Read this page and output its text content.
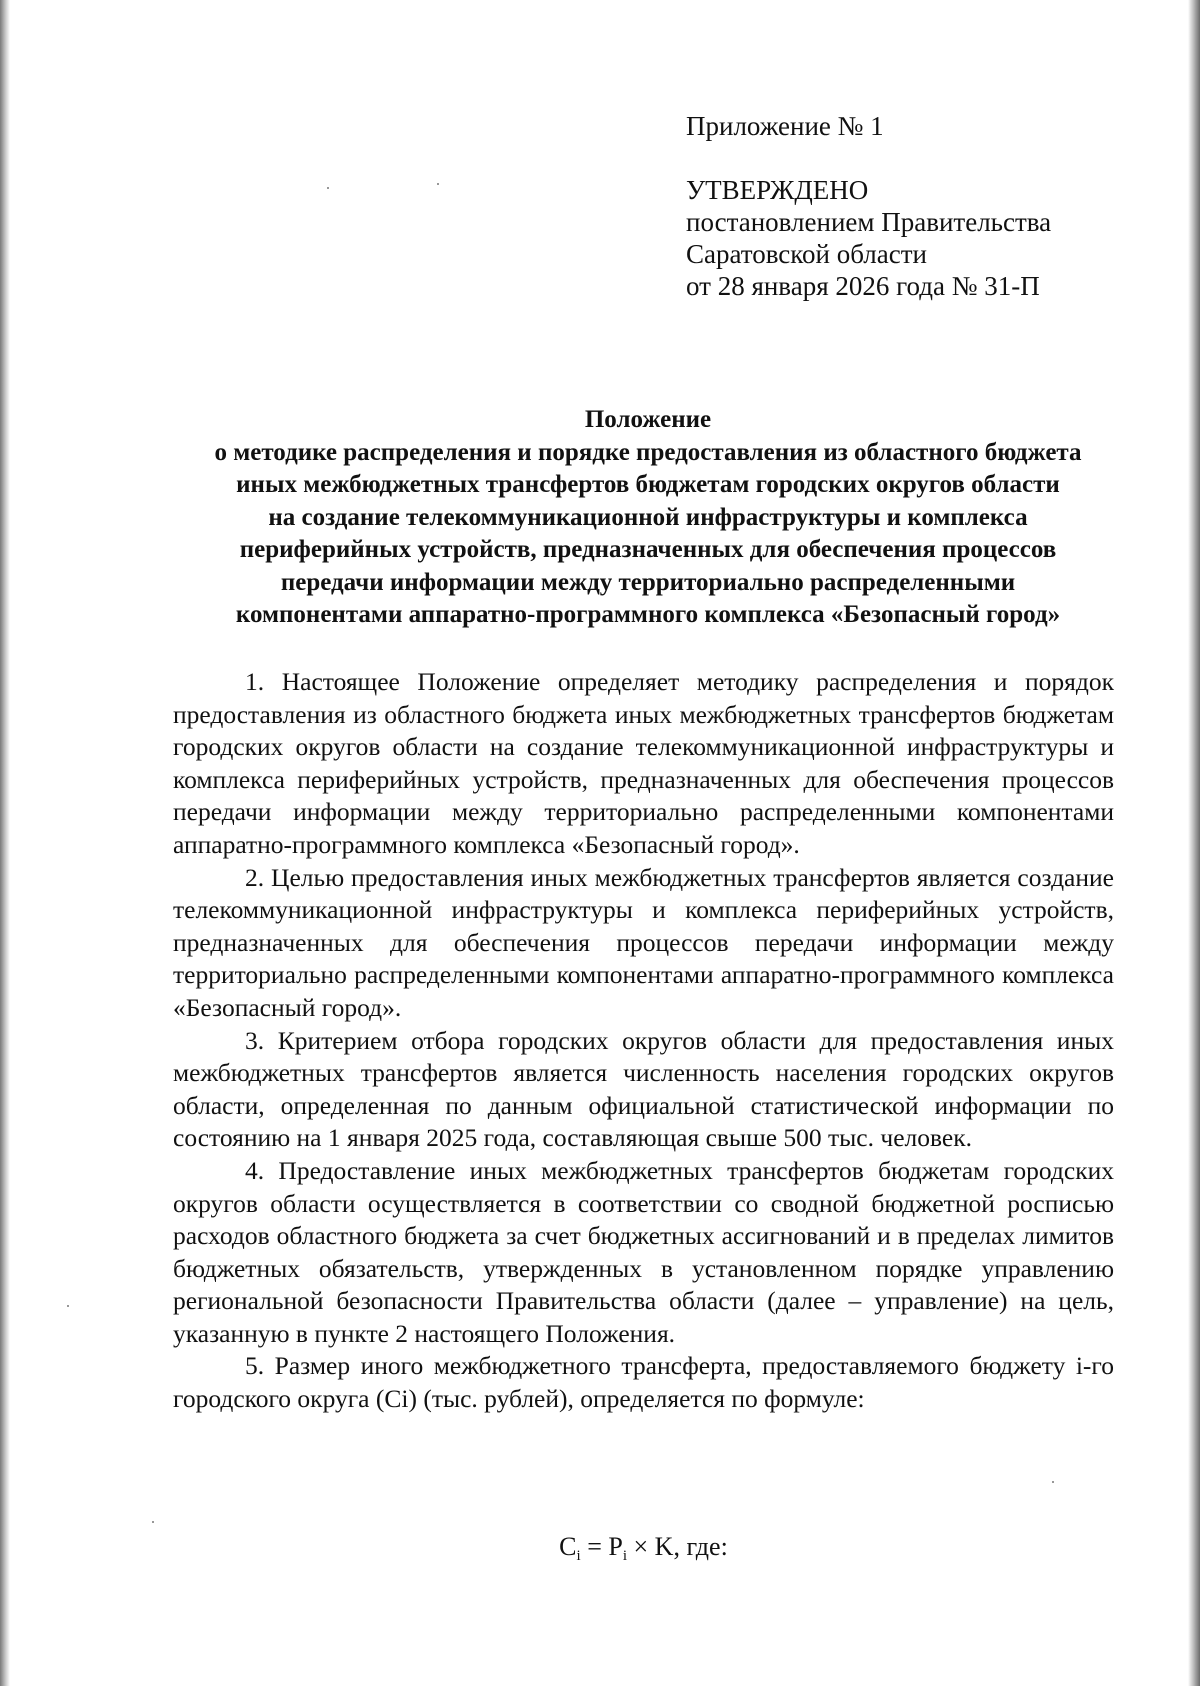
Приложение № 1
УТВЕРЖДЕНО
постановлением Правительства
Саратовской области
от 28 января 2026 года № 31-П
Положение
о методике распределения и порядке предоставления из областного бюджета
иных межбюджетных трансфертов бюджетам городских округов области
на создание телекоммуникационной инфраструктуры и комплекса
периферийных устройств, предназначенных для обеспечения процессов
передачи информации между территориально распределенными
компонентами аппаратно-программного комплекса «Безопасный город»

1. Настоящее Положение определяет методику распределения и порядок предоставления из областного бюджета иных межбюджетных трансфертов бюджетам городских округов области на создание телекоммуникационной инфраструктуры и комплекса периферийных устройств, предназначенных для обеспечения процессов передачи информации между территориально распределенными компонентами аппаратно-программного комплекса «Безопасный город».

2. Целью предоставления иных межбюджетных трансфертов является создание телекоммуникационной инфраструктуры и комплекса периферийных устройств, предназначенных для обеспечения процессов передачи информации между территориально распределенными компонентами аппаратно-программного комплекса «Безопасный город».

3. Критерием отбора городских округов области для предоставления иных межбюджетных трансфертов является численность населения городских округов области, определенная по данным официальной статистической информации по состоянию на 1 января 2025 года, составляющая свыше 500 тыс. человек.

4. Предоставление иных межбюджетных трансфертов бюджетам городских округов области осуществляется в соответствии со сводной бюджетной росписью расходов областного бюджета за счет бюджетных ассигнований и в пределах лимитов бюджетных обязательств, утвержденных в установленном порядке управлению региональной безопасности Правительства области (далее – управление) на цель, указанную в пункте 2 настоящего Положения.

5. Размер иного межбюджетного трансферта, предоставляемого бюджету i-го городского округа (Ci) (тыс. рублей), определяется по формуле:

$C_i = P_i \times K$, где:
